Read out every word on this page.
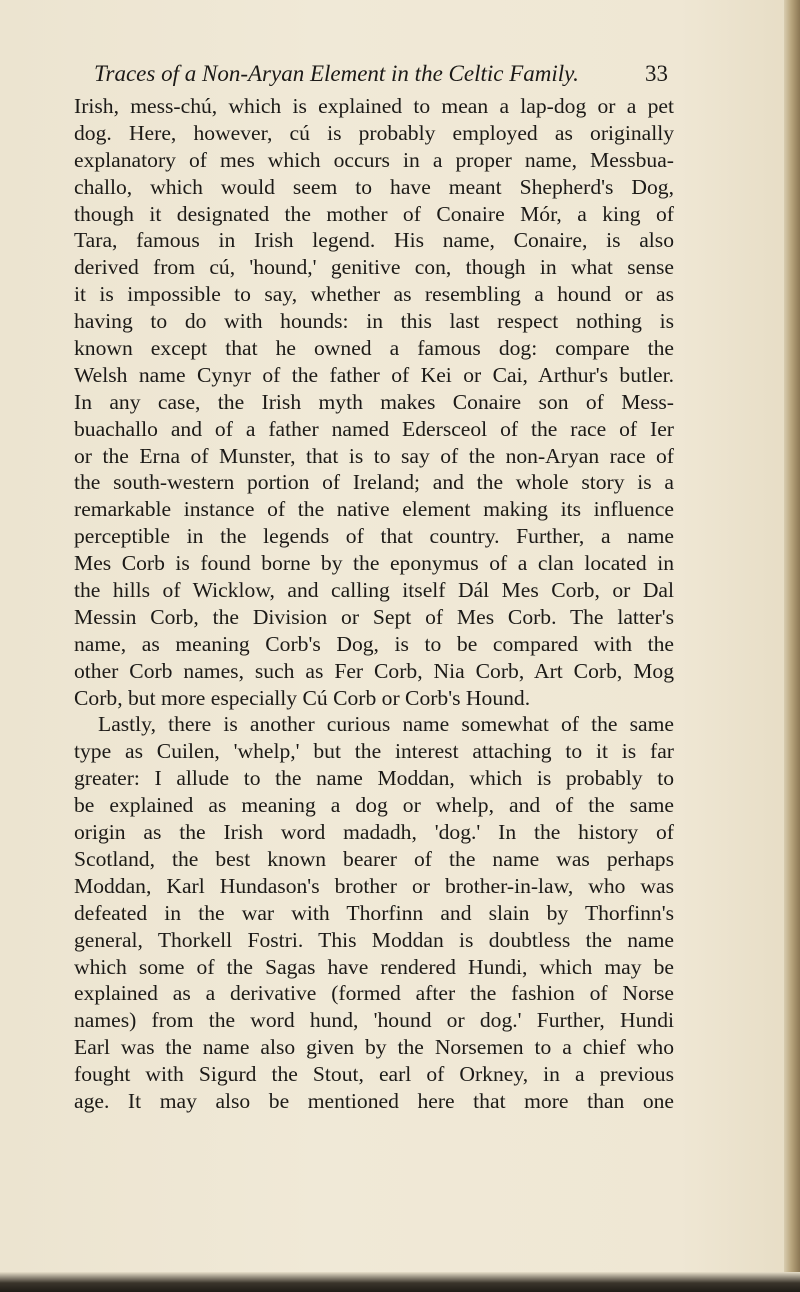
Traces of a Non-Aryan Element in the Celtic Family.	33
Irish, mess-chú, which is explained to mean a lap-dog or a pet
dog. Here, however, cú is probably employed as originally
explanatory of mes which occurs in a proper name, Messbua-
challo, which would seem to have meant Shepherd's Dog,
though it designated the mother of Conaire Mór, a king of
Tara, famous in Irish legend. His name, Conaire, is also
derived from cú, 'hound,' genitive con, though in what sense
it is impossible to say, whether as resembling a hound or as
having to do with hounds: in this last respect nothing is
known except that he owned a famous dog: compare the
Welsh name Cynyr of the father of Kei or Cai, Arthur's butler.
In any case, the Irish myth makes Conaire son of Mess-
buachallo and of a father named Edersceol of the race of Ier
or the Erna of Munster, that is to say of the non-Aryan race of
the south-western portion of Ireland; and the whole story is a
remarkable instance of the native element making its influence
perceptible in the legends of that country. Further, a name
Mes Corb is found borne by the eponymus of a clan located in
the hills of Wicklow, and calling itself Dál Mes Corb, or Dal
Messin Corb, the Division or Sept of Mes Corb. The latter's
name, as meaning Corb's Dog, is to be compared with the
other Corb names, such as Fer Corb, Nia Corb, Art Corb, Mog
Corb, but more especially Cú Corb or Corb's Hound.
Lastly, there is another curious name somewhat of the same
type as Cuilen, 'whelp,' but the interest attaching to it is far
greater: I allude to the name Moddan, which is probably to
be explained as meaning a dog or whelp, and of the same
origin as the Irish word madadh, 'dog.' In the history of
Scotland, the best known bearer of the name was perhaps
Moddan, Karl Hundason's brother or brother-in-law, who was
defeated in the war with Thorfinn and slain by Thorfinn's
general, Thorkell Fostri. This Moddan is doubtless the name
which some of the Sagas have rendered Hundi, which may be
explained as a derivative (formed after the fashion of Norse
names) from the word hund, 'hound or dog.' Further, Hundi
Earl was the name also given by the Norsemen to a chief who
fought with Sigurd the Stout, earl of Orkney, in a previous
age. It may also be mentioned here that more than one
